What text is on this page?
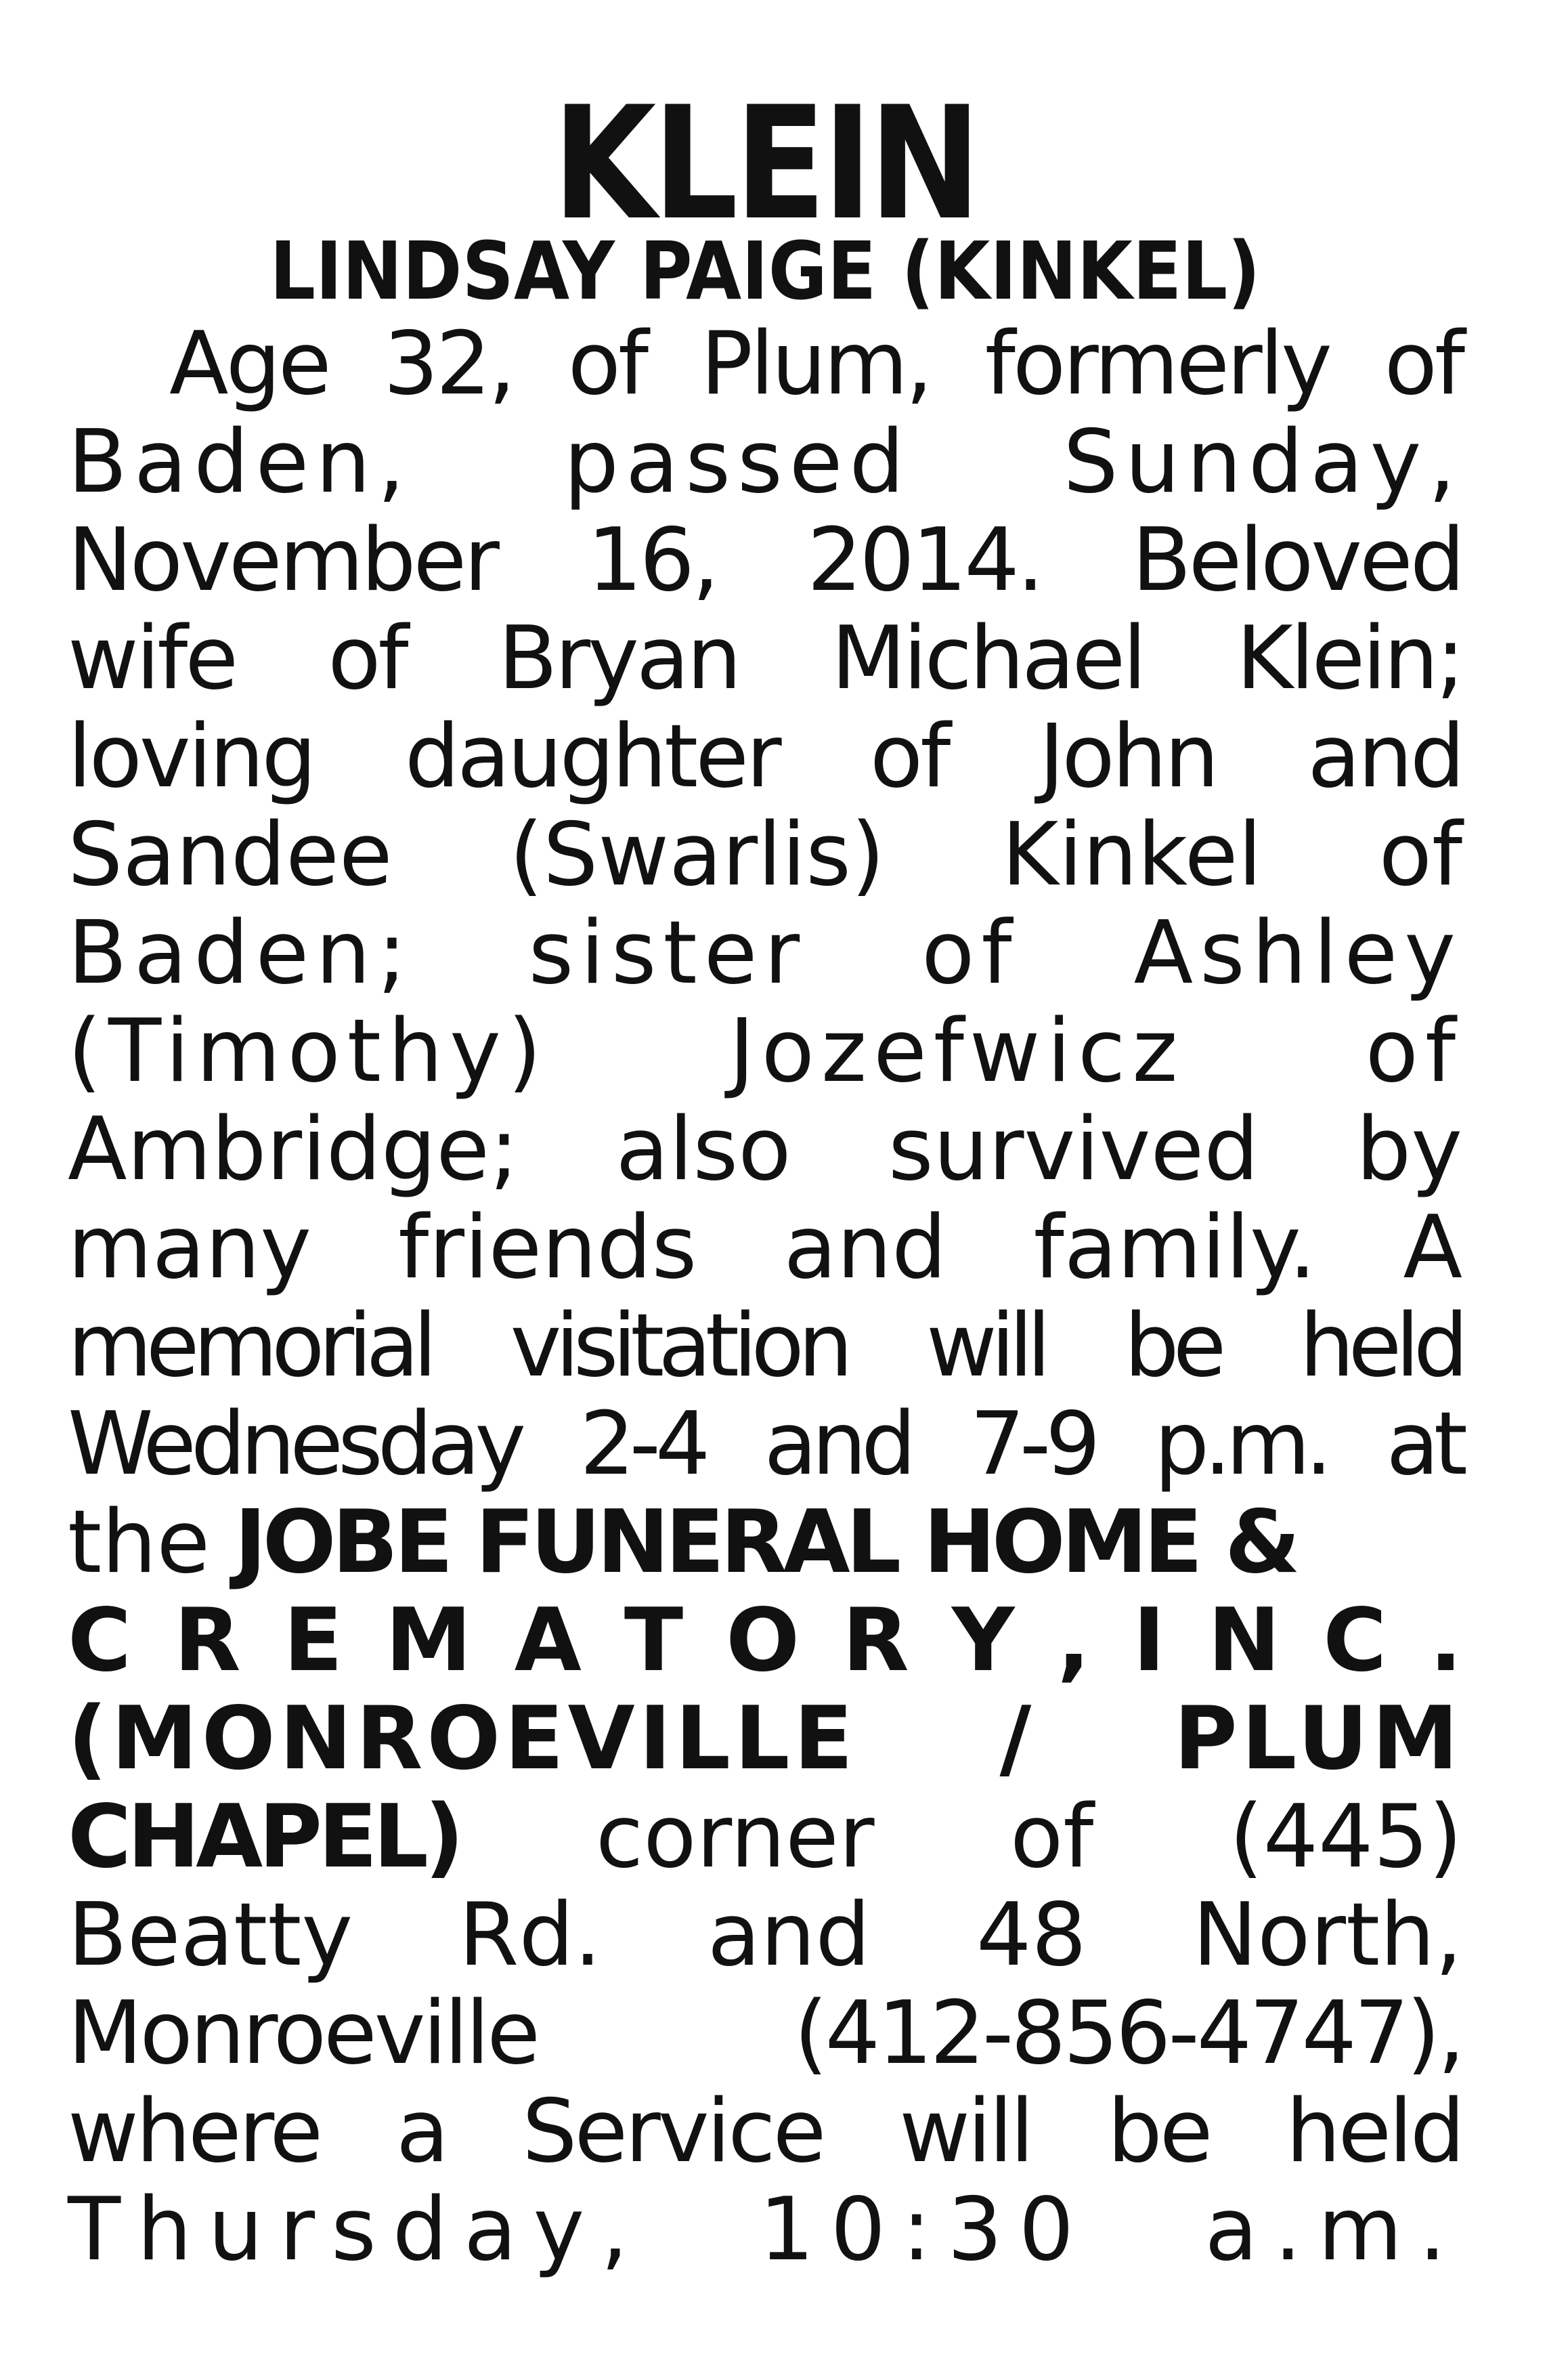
KLEIN
LINDSAY PAIGE (KINKEL)
Age 32, of Plum, formerly of
Baden, passed Sunday,
November 16, 2014. Beloved
wife of Bryan Michael Klein;
loving daughter of John and
Sandee (Swarlis) Kinkel of
Baden; sister of Ashley
(Timothy) Jozefwicz of
Ambridge; also survived by
many friends and family. A
memorial visitation will be held
Wednesday 2-4 and 7-9 p.m. at
the JOBE FUNERAL HOME &
C R E M A T O R Y , I N C .
(MONROEVILLE / PLUM
CHAPEL) corner of (445)
Beatty Rd. and 48 North,
Monroeville	(412-856-4747),
where a Service will be held
Thursday, 10:30 a.m.
